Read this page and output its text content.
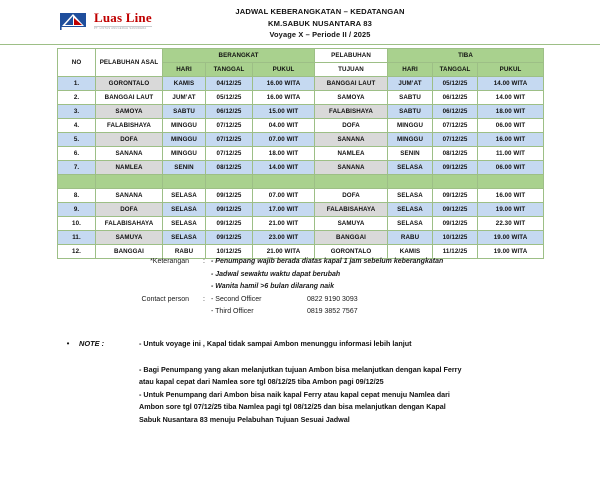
Luas Line
PT. LINTAS ANUGERAH SAMUDERA
JADWAL KEBERANGKATAN – KEDATANGAN
KM.SABUK NUSANTARA 83
Voyage X – Periode II / 2025
NO	PELABUHAN ASAL	BERANGKAT			PELABUHAN	TIBA		
		HARI	TANGGAL	PUKUL	TUJUAN	HARI	TANGGAL	PUKUL
1.	GORONTALO	KAMIS	04/12/25	16.00 WITA	BANGGAI LAUT	JUM’AT	05/12/25	14.00 WITA
2.	BANGGAI LAUT	JUM’AT	05/12/25	16.00 WITA	SAMOYA	SABTU	06/12/25	14.00 WIT
3.	SAMOYA	SABTU	06/12/25	15.00 WIT	FALABISHAYA	SABTU	06/12/25	18.00 WIT
4.	FALABISHAYA	MINGGU	07/12/25	04.00 WIT	DOFA	MINGGU	07/12/25	06.00 WIT
5.	DOFA	MINGGU	07/12/25	07.00 WIT	SANANA	MINGGU	07/12/25	16.00 WIT
6.	SANANA	MINGGU	07/12/25	18.00 WIT	NAMLEA	SENIN	08/12/25	11.00 WIT
7.	NAMLEA	SENIN	08/12/25	14.00 WIT	SANANA	SELASA	09/12/25	06.00 WIT

8.	SANANA	SELASA	09/12/25	07.00 WIT	DOFA	SELASA	09/12/25	16.00 WIT
9.	DOFA	SELASA	09/12/25	17.00 WIT	FALABISAHAYA	SELASA	09/12/25	19.00 WIT
10.	FALABISAHAYA	SELASA	09/12/25	21.00 WIT	SAMUYA	SELASA	09/12/25	22.30 WIT
11.	SAMUYA	SELASA	09/12/25	23.00 WIT	BANGGAI	RABU	10/12/25	19.00 WITA
12.	BANGGAI	RABU	10/12/25	21.00 WITA	GORONTALO	KAMIS	11/12/25	19.00 WITA
*Keterangan	: - Penumpang wajib berada diatas kapal 1 jam sebelum keberangkatan
- Jadwal sewaktu waktu dapat berubah
- Wanita hamil >6 bulan dilarang naik
Contact person	: - Second Officer	0822 9190 3093
- Third Officer	0819 3852 7567
•	NOTE :	- Untuk voyage ini , Kapal tidak sampai Ambon menunggu informasi lebih lanjut

- Bagi Penumpang yang akan melanjutkan tujuan Ambon bisa melanjutkan dengan kapal Ferry

atau kapal cepat dari Namlea sore tgl 08/12/25 tiba Ambon pagi 09/12/25

- Untuk Penumpang dari Ambon bisa naik kapal Ferry atau kapal cepat menuju Namlea dari

Ambon sore tgl 07/12/25 tiba Namlea pagi tgl 08/12/25 dan bisa melanjutkan dengan Kapal

Sabuk Nusantara 83 menuju Pelabuhan Tujuan Sesuai Jadwal
